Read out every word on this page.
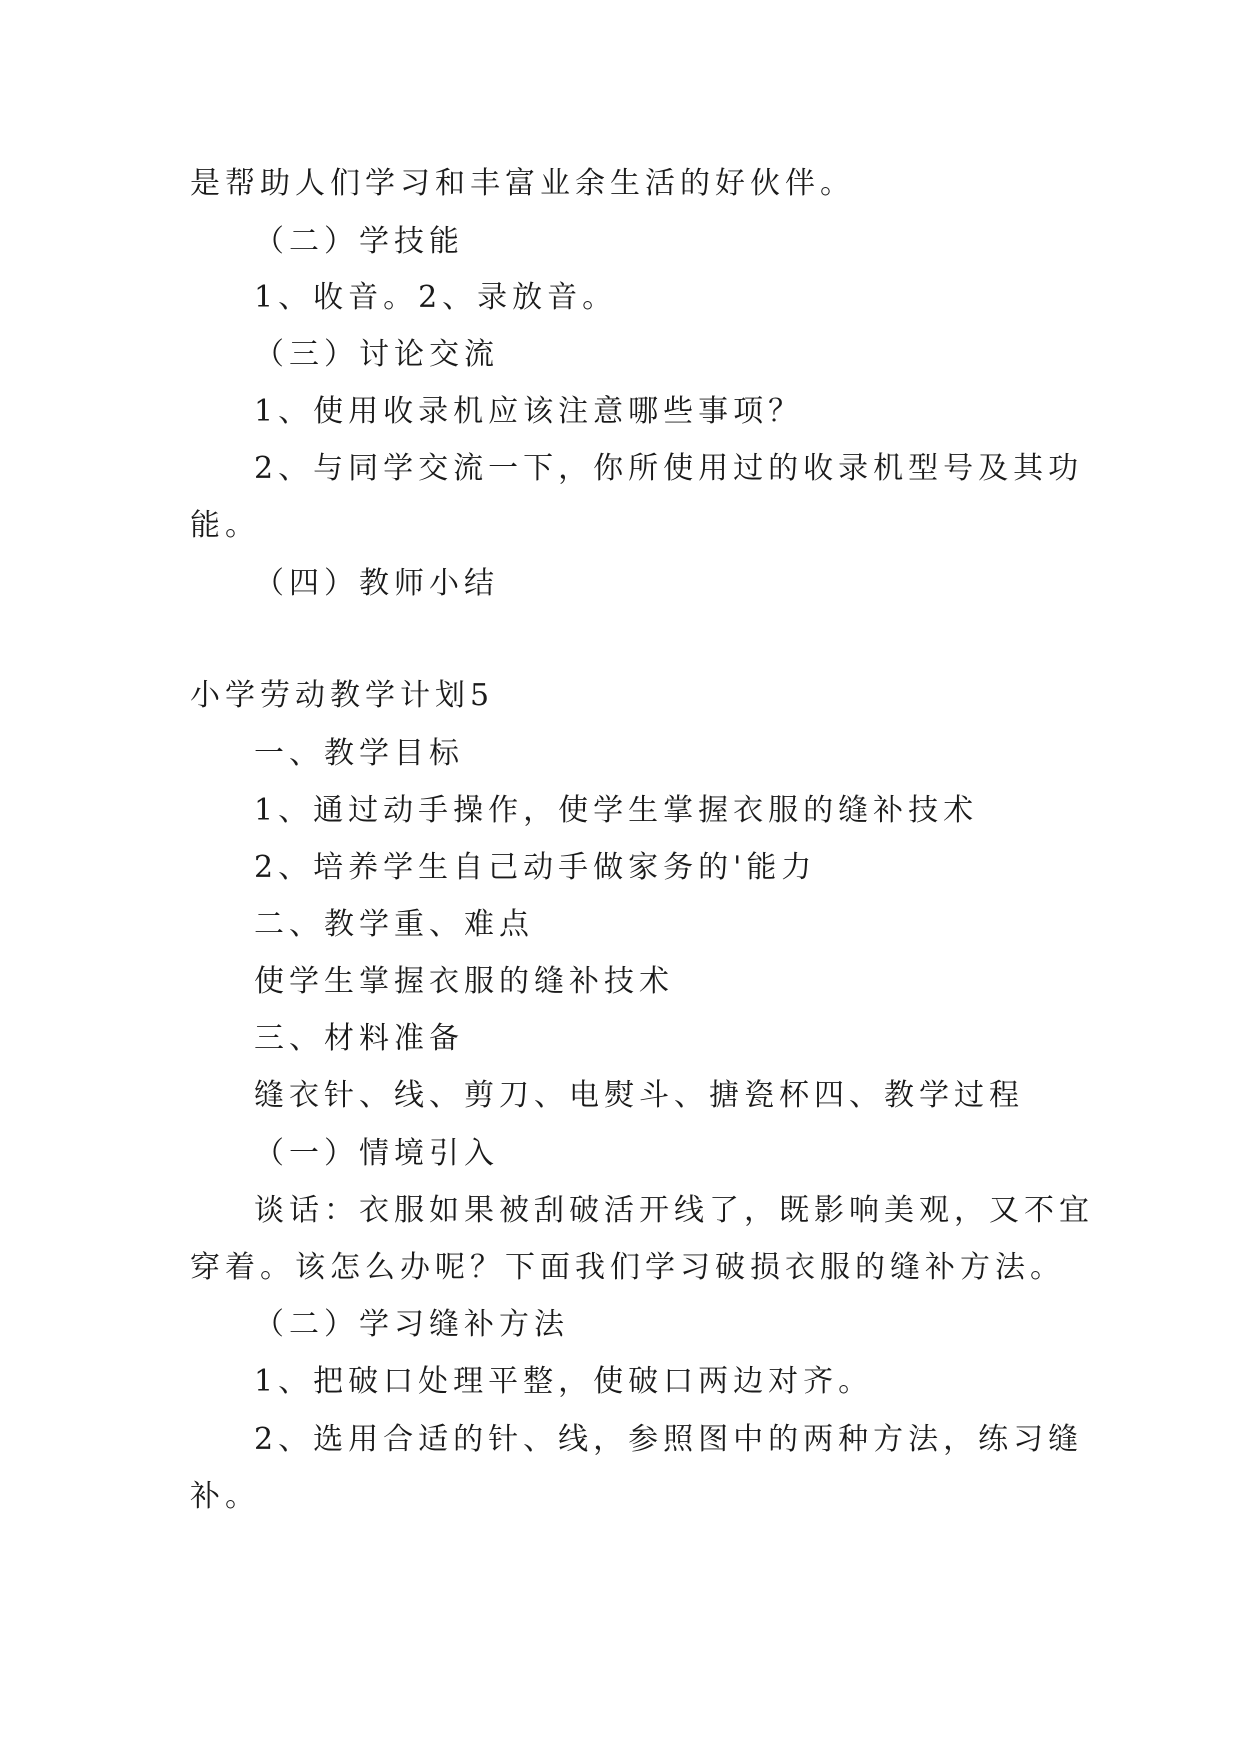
是帮助人们学习和丰富业余生活的好伙伴。
（二）学技能
1、收音。2、录放音。
（三）讨论交流
1、使用收录机应该注意哪些事项？
2、与同学交流一下，你所使用过的收录机型号及其功
能。
（四）教师小结
小学劳动教学计划5
一、教学目标
1、通过动手操作，使学生掌握衣服的缝补技术
2、培养学生自己动手做家务的'能力
二、教学重、难点
使学生掌握衣服的缝补技术
三、材料准备
缝衣针、线、剪刀、电熨斗、搪瓷杯四、教学过程
（一）情境引入
谈话：衣服如果被刮破活开线了，既影响美观，又不宜
穿着。该怎么办呢？下面我们学习破损衣服的缝补方法。
（二）学习缝补方法
1、把破口处理平整，使破口两边对齐。
2、选用合适的针、线，参照图中的两种方法，练习缝
补。
